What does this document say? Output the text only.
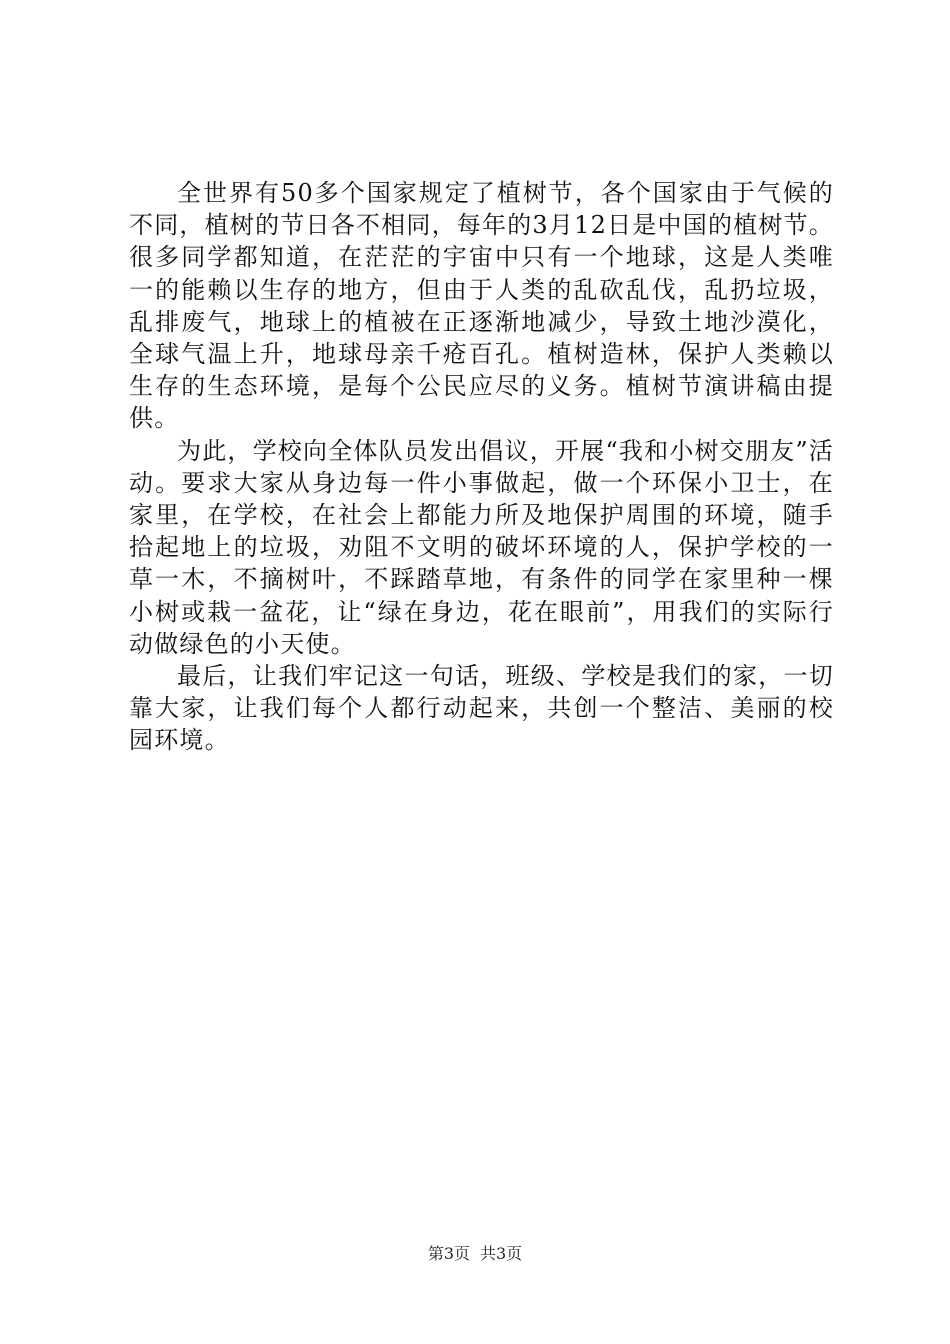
全世界有50多个国家规定了植树节，各个国家由于气候的不同，植树的节日各不相同，每年的3月12日是中国的植树节。很多同学都知道，在茫茫的宇宙中只有一个地球，这是人类唯一的能赖以生存的地方，但由于人类的乱砍乱伐，乱扔垃圾，乱排废气，地球上的植被在正逐渐地减少，导致土地沙漠化，全球气温上升，地球母亲千疮百孔。植树造林，保护人类赖以生存的生态环境，是每个公民应尽的义务。植树节演讲稿由提供。

为此，学校向全体队员发出倡议，开展“我和小树交朋友”活动。要求大家从身边每一件小事做起，做一个环保小卫士，在家里，在学校，在社会上都能力所及地保护周围的环境，随手拾起地上的垃圾，劝阻不文明的破坏环境的人，保护学校的一草一木，不摘树叶，不踩踏草地，有条件的同学在家里种一棵小树或栽一盆花，让“绿在身边，花在眼前”，用我们的实际行动做绿色的小天使。

最后，让我们牢记这一句话，班级、学校是我们的家，一切靠大家，让我们每个人都行动起来，共创一个整洁、美丽的校园环境。

第3页 共3页
